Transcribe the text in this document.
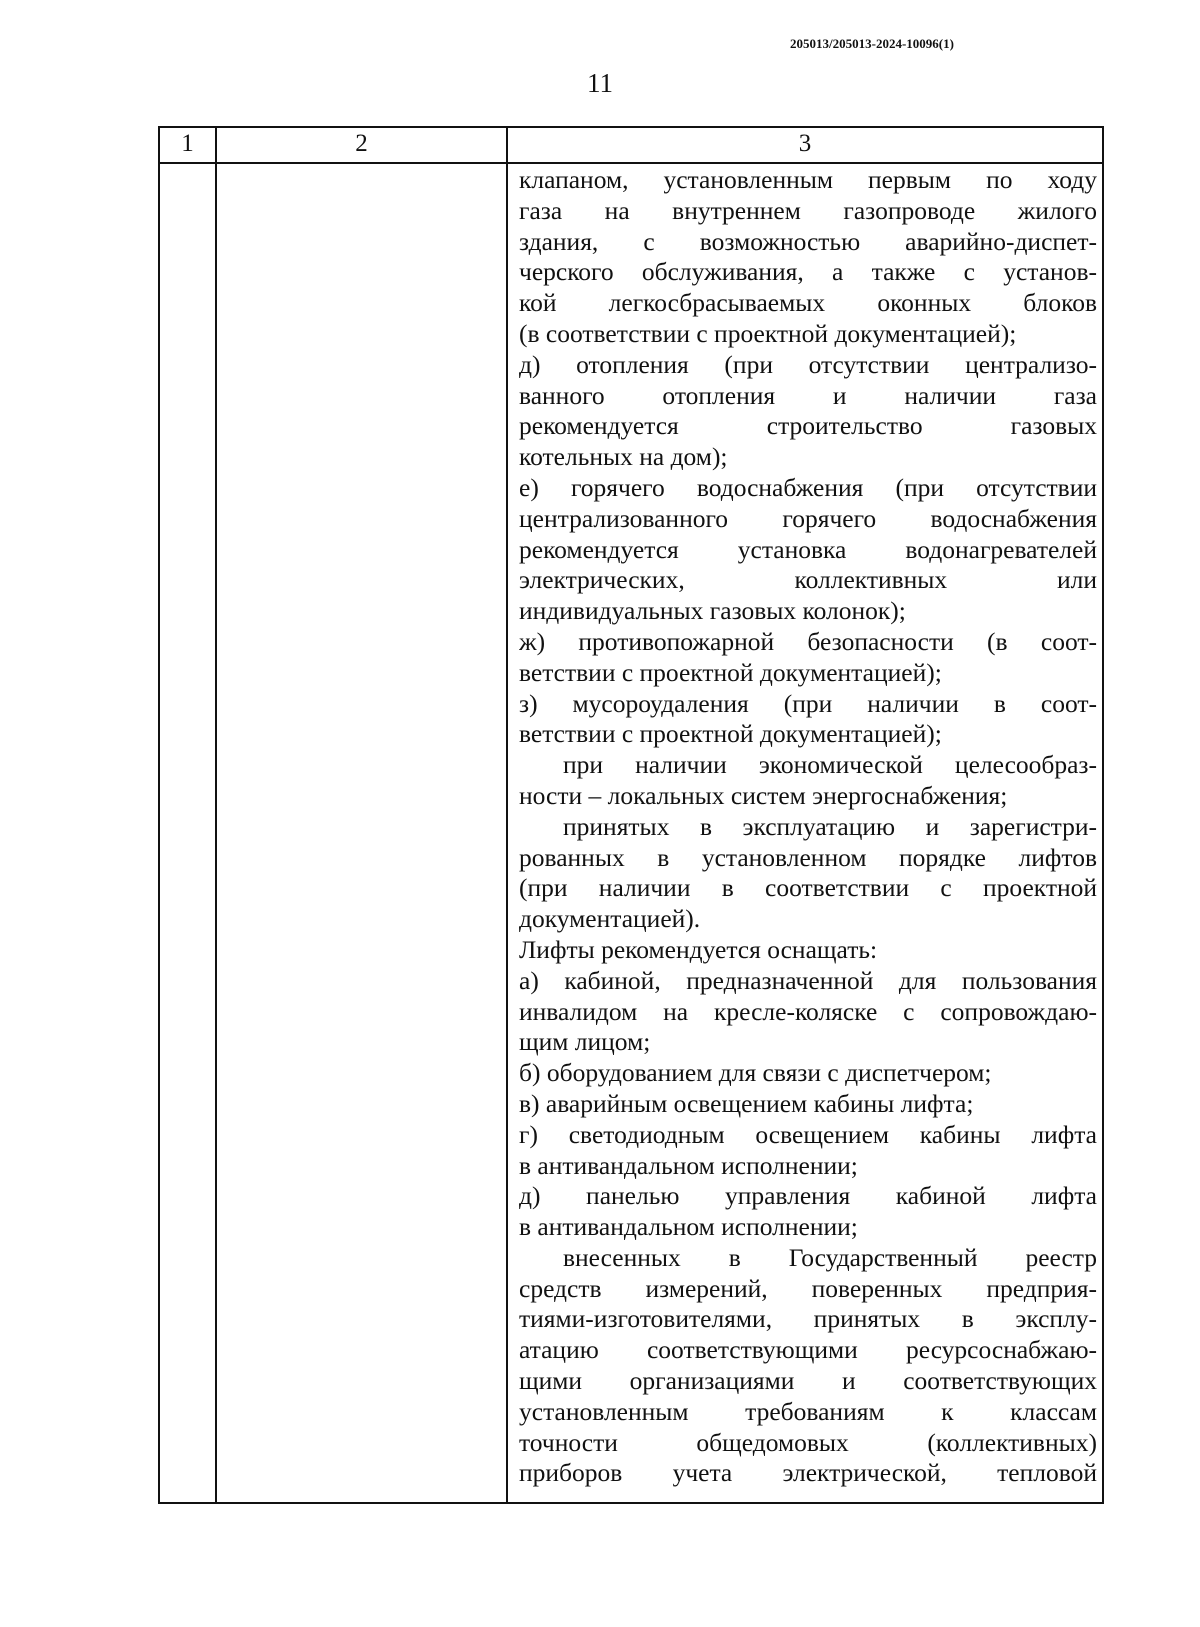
205013/205013-2024-10096(1)
11
1	2	3
клапаном, установленным первым по ходу
газа на внутреннем газопроводе жилого
здания, с возможностью аварийно-диспет-
черского обслуживания, а также с установ-
кой легкосбрасываемых оконных блоков
(в соответствии с проектной документацией);
д) отопления (при отсутствии централизо-
ванного отопления и наличии газа
рекомендуется строительство газовых
котельных на дом);
е) горячего водоснабжения (при отсутствии
централизованного горячего водоснабжения
рекомендуется установка водонагревателей
электрических, коллективных или
индивидуальных газовых колонок);
ж) противопожарной безопасности (в соот-
ветствии с проектной документацией);
з) мусороудаления (при наличии в соот-
ветствии с проектной документацией);
при наличии экономической целесообраз-
ности – локальных систем энергоснабжения;
принятых в эксплуатацию и зарегистри-
рованных в установленном порядке лифтов
(при наличии в соответствии с проектной
документацией).
Лифты рекомендуется оснащать:
а) кабиной, предназначенной для пользования
инвалидом на кресле-коляске с сопровождаю-
щим лицом;
б) оборудованием для связи с диспетчером;
в) аварийным освещением кабины лифта;
г) светодиодным освещением кабины лифта
в антивандальном исполнении;
д) панелью управления кабиной лифта
в антивандальном исполнении;
внесенных в Государственный реестр
средств измерений, поверенных предприя-
тиями-изготовителями, принятых в эксплу-
атацию соответствующими ресурсоснабжаю-
щими организациями и соответствующих
установленным требованиям к классам
точности общедомовых (коллективных)
приборов учета электрической, тепловой
